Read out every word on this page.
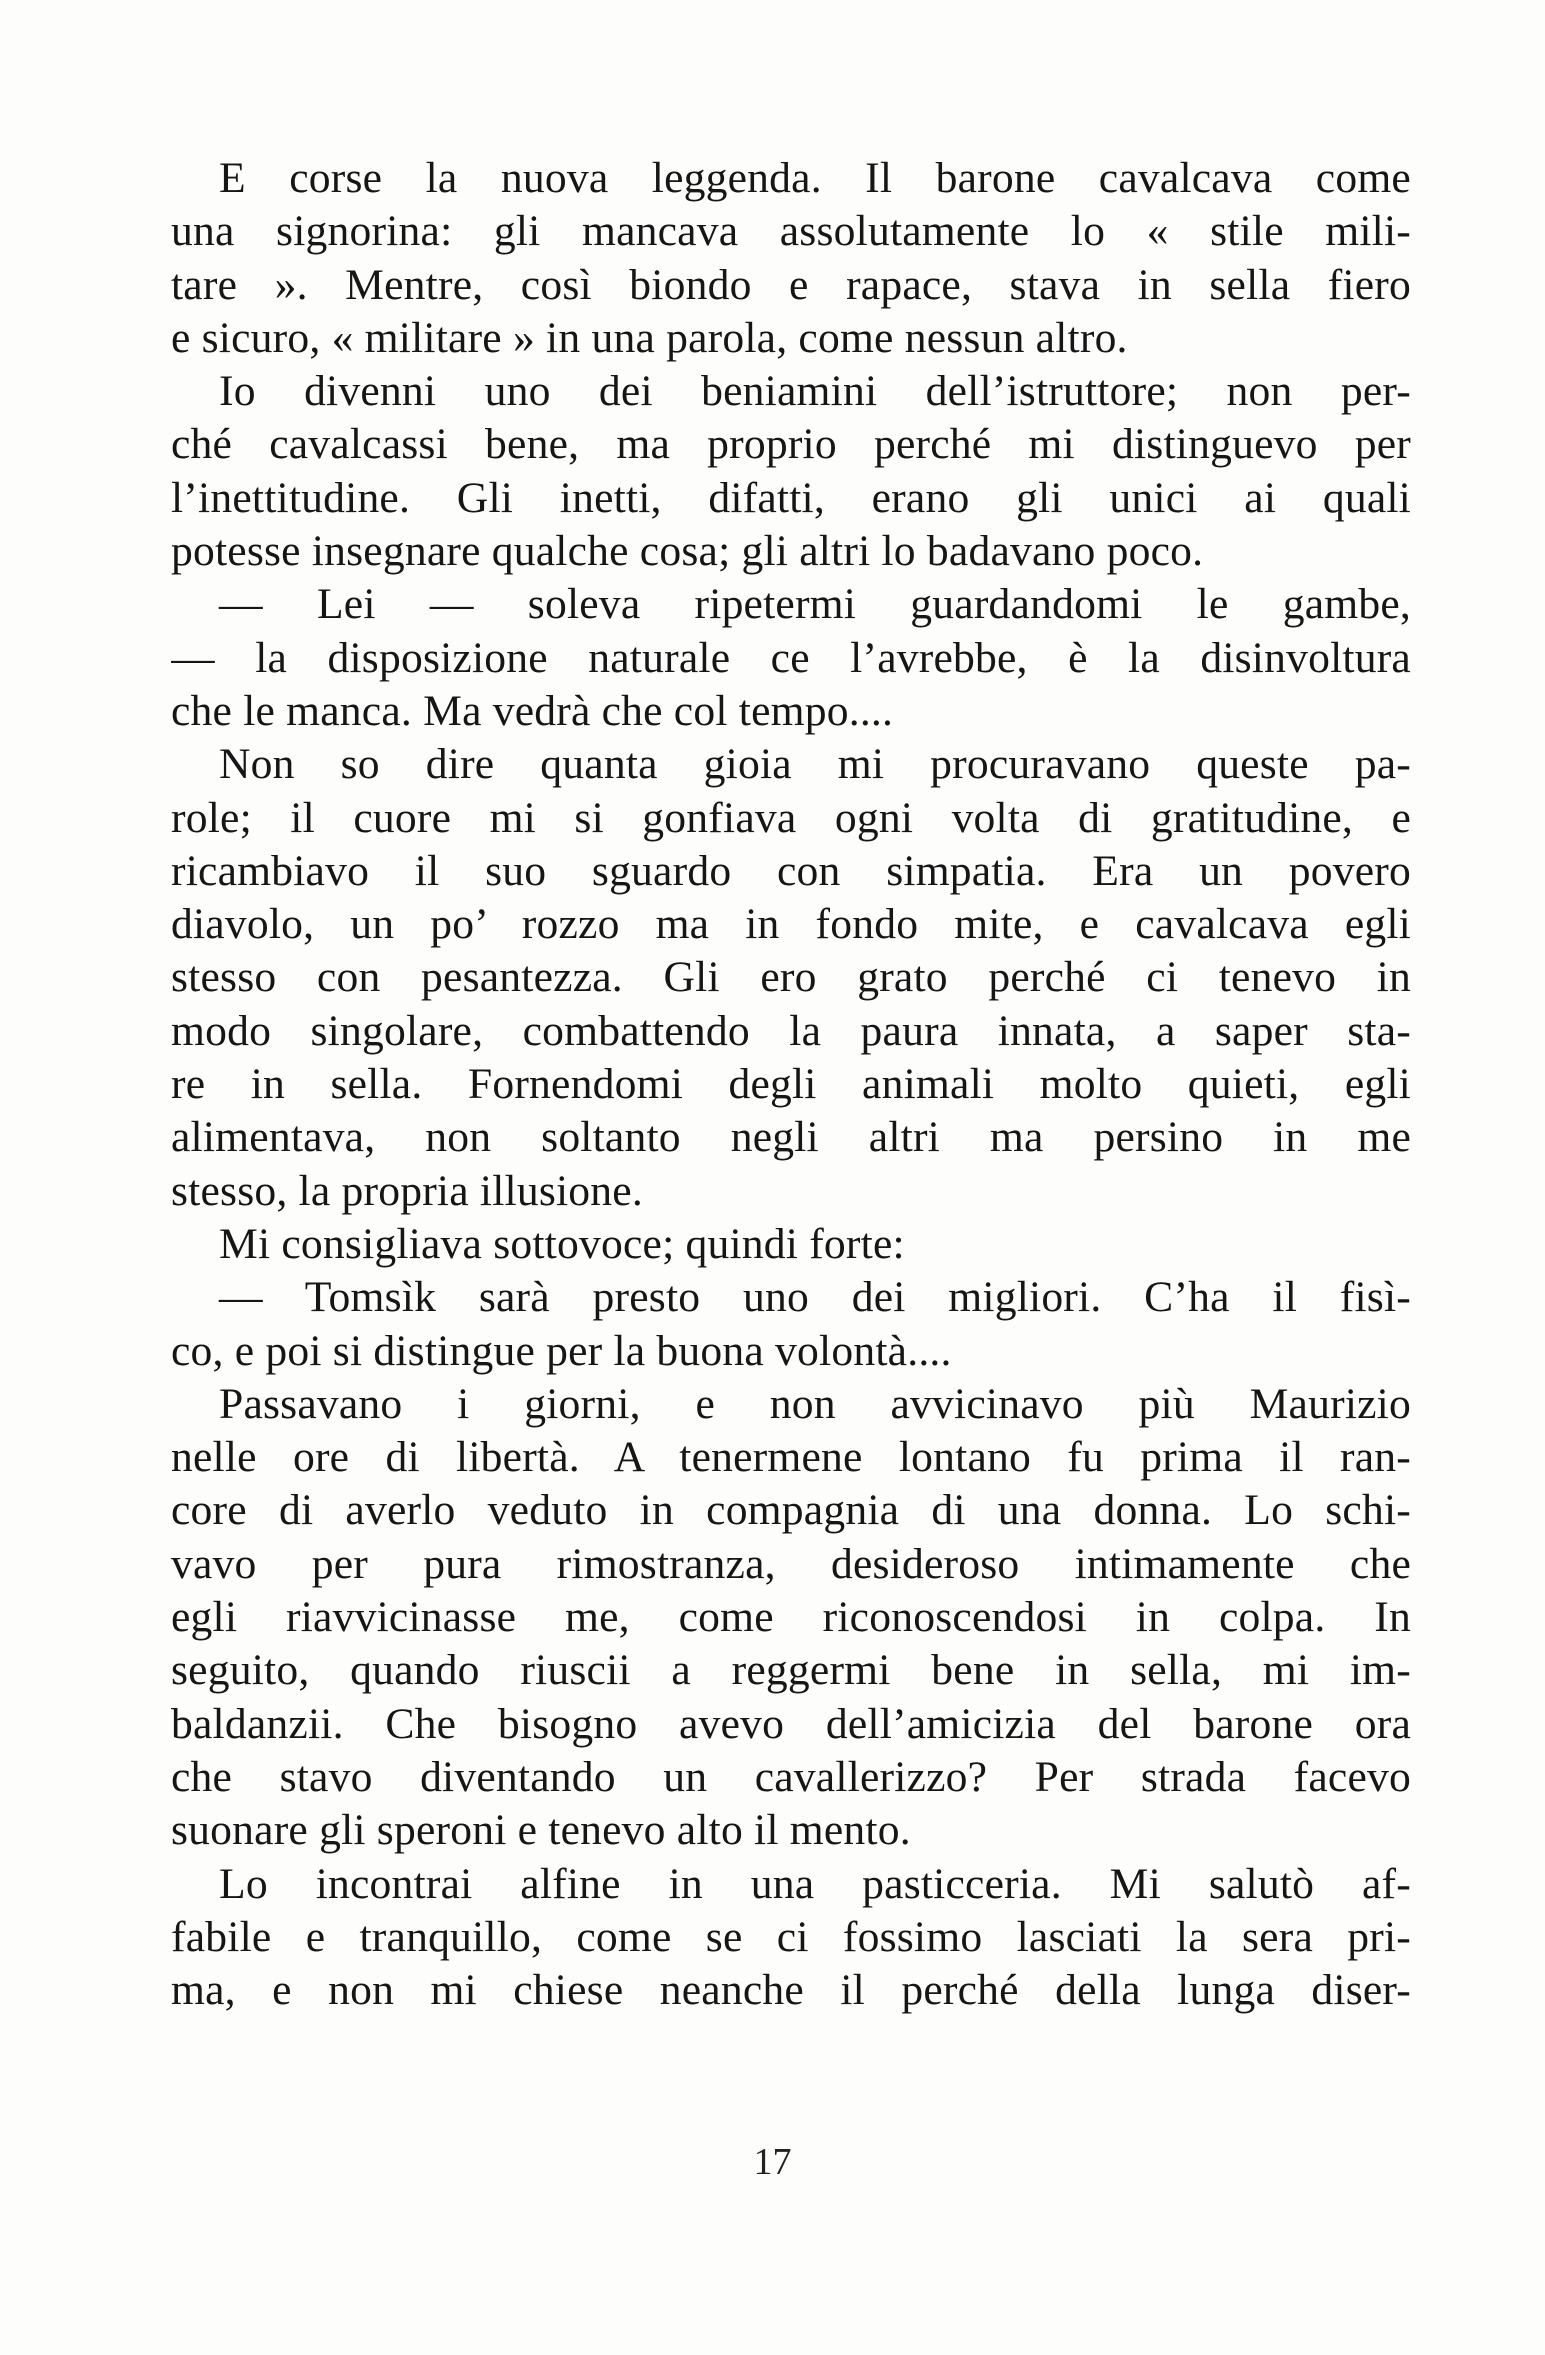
E corse la nuova leggenda. Il barone cavalcava come
una signorina: gli mancava assolutamente lo « stile mili-
tare ». Mentre, così biondo e rapace, stava in sella fiero
e sicuro, « militare » in una parola, come nessun altro.
Io divenni uno dei beniamini dell’istruttore; non per-
ché cavalcassi bene, ma proprio perché mi distinguevo per
l’inettitudine. Gli inetti, difatti, erano gli unici ai quali
potesse insegnare qualche cosa; gli altri lo badavano poco.
— Lei — soleva ripetermi guardandomi le gambe,
— la disposizione naturale ce l’avrebbe, è la disinvoltura
che le manca. Ma vedrà che col tempo....
Non so dire quanta gioia mi procuravano queste pa-
role; il cuore mi si gonfiava ogni volta di gratitudine, e
ricambiavo il suo sguardo con simpatia. Era un povero
diavolo, un po’ rozzo ma in fondo mite, e cavalcava egli
stesso con pesantezza. Gli ero grato perché ci tenevo in
modo singolare, combattendo la paura innata, a saper sta-
re in sella. Fornendomi degli animali molto quieti, egli
alimentava, non soltanto negli altri ma persino in me
stesso, la propria illusione.
Mi consigliava sottovoce; quindi forte:
— Tomsìk sarà presto uno dei migliori. C’ha il fisì-
co, e poi si distingue per la buona volontà....
Passavano i giorni, e non avvicinavo più Maurizio
nelle ore di libertà. A tenermene lontano fu prima il ran-
core di averlo veduto in compagnia di una donna. Lo schi-
vavo per pura rimostranza, desideroso intimamente che
egli riavvicinasse me, come riconoscendosi in colpa. In
seguito, quando riuscii a reggermi bene in sella, mi im-
baldanzii. Che bisogno avevo dell’amicizia del barone ora
che stavo diventando un cavallerizzo? Per strada facevo
suonare gli speroni e tenevo alto il mento.
Lo incontrai alfine in una pasticceria. Mi salutò af-
fabile e tranquillo, come se ci fossimo lasciati la sera pri-
ma, e non mi chiese neanche il perché della lunga diser-
17
